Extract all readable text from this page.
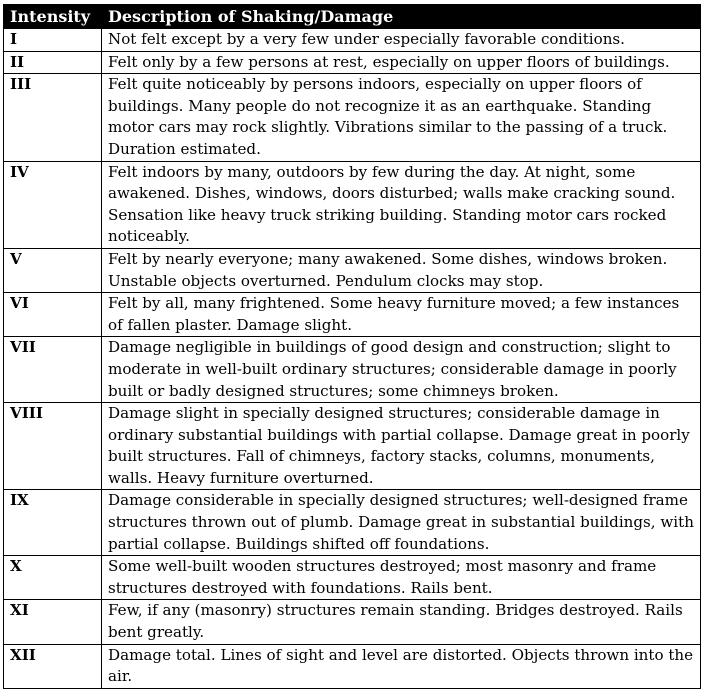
Intensity	Description of Shaking/Damage
I	Not felt except by a very few under especially favorable conditions.
II	Felt only by a few persons at rest, especially on upper floors of buildings.
III	Felt quite noticeably by persons indoors, especially on upper floors of buildings. Many people do not recognize it as an earthquake. Standing motor cars may rock slightly. Vibrations similar to the passing of a truck. Duration estimated.
IV	Felt indoors by many, outdoors by few during the day. At night, some awakened. Dishes, windows, doors disturbed; walls make cracking sound. Sensation like heavy truck striking building. Standing motor cars rocked noticeably.
V	Felt by nearly everyone; many awakened. Some dishes, windows broken. Unstable objects overturned. Pendulum clocks may stop.
VI	Felt by all, many frightened. Some heavy furniture moved; a few instances of fallen plaster. Damage slight.
VII	Damage negligible in buildings of good design and construction; slight to moderate in well-built ordinary structures; considerable damage in poorly built or badly designed structures; some chimneys broken.
VIII	Damage slight in specially designed structures; considerable damage in ordinary substantial buildings with partial collapse. Damage great in poorly built structures. Fall of chimneys, factory stacks, columns, monuments, walls. Heavy furniture overturned.
IX	Damage considerable in specially designed structures; well-designed frame structures thrown out of plumb. Damage great in substantial buildings, with partial collapse. Buildings shifted off foundations.
X	Some well-built wooden structures destroyed; most masonry and frame structures destroyed with foundations. Rails bent.
XI	Few, if any (masonry) structures remain standing. Bridges destroyed. Rails bent greatly.
XII	Damage total. Lines of sight and level are distorted. Objects thrown into the air.
